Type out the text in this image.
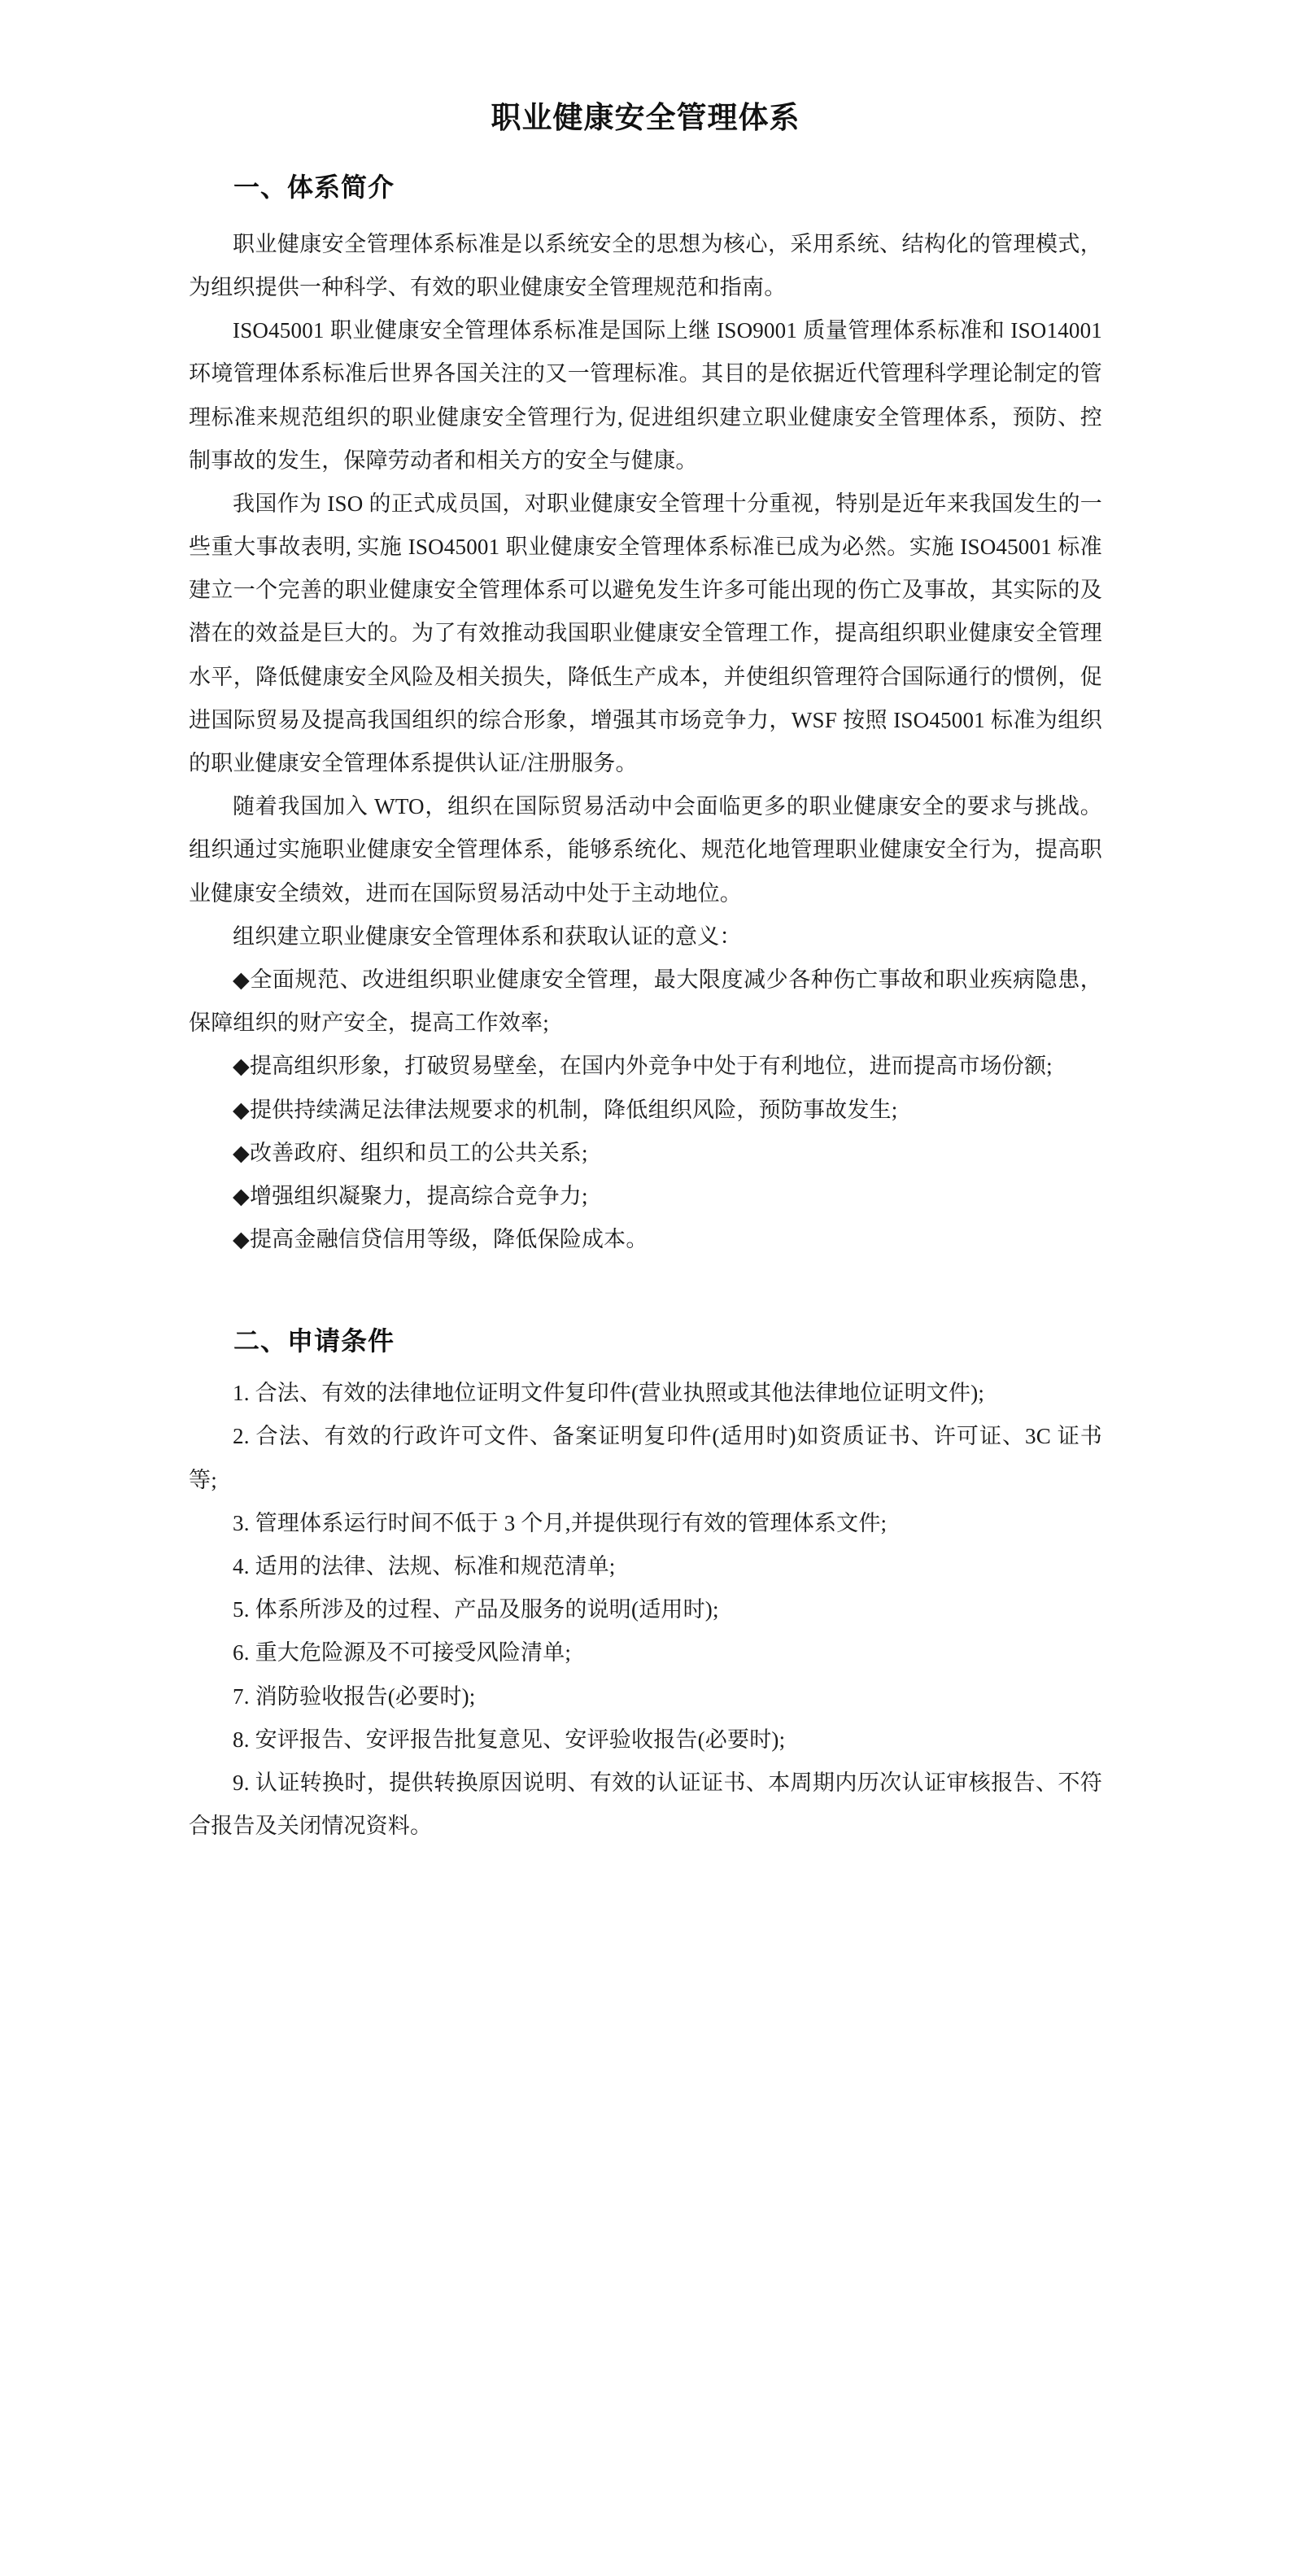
职业健康安全管理体系
一、体系简介

职业健康安全管理体系标准是以系统安全的思想为核心，采用系统、结构化的管理模式，为组织提供一种科学、有效的职业健康安全管理规范和指南。

ISO45001 职业健康安全管理体系标准是国际上继 ISO9001 质量管理体系标准和 ISO14001 环境管理体系标准后世界各国关注的又一管理标准。其目的是依据近代管理科学理论制定的管理标准来规范组织的职业健康安全管理行为, 促进组织建立职业健康安全管理体系，预防、控制事故的发生，保障劳动者和相关方的安全与健康。

我国作为 ISO 的正式成员国，对职业健康安全管理十分重视，特别是近年来我国发生的一些重大事故表明, 实施 ISO45001 职业健康安全管理体系标准已成为必然。实施 ISO45001 标准建立一个完善的职业健康安全管理体系可以避免发生许多可能出现的伤亡及事故，其实际的及潜在的效益是巨大的。为了有效推动我国职业健康安全管理工作，提高组织职业健康安全管理水平，降低健康安全风险及相关损失，降低生产成本，并使组织管理符合国际通行的惯例，促进国际贸易及提高我国组织的综合形象，增强其市场竞争力，WSF 按照 ISO45001 标准为组织的职业健康安全管理体系提供认证/注册服务。

随着我国加入 WTO，组织在国际贸易活动中会面临更多的职业健康安全的要求与挑战。组织通过实施职业健康安全管理体系，能够系统化、规范化地管理职业健康安全行为，提高职业健康安全绩效，进而在国际贸易活动中处于主动地位。

组织建立职业健康安全管理体系和获取认证的意义：

◆全面规范、改进组织职业健康安全管理，最大限度减少各种伤亡事故和职业疾病隐患，保障组织的财产安全，提高工作效率;
◆提高组织形象，打破贸易壁垒，在国内外竞争中处于有利地位，进而提高市场份额;
◆提供持续满足法律法规要求的机制，降低组织风险，预防事故发生;
◆改善政府、组织和员工的公共关系;
◆增强组织凝聚力，提高综合竞争力;
◆提高金融信贷信用等级，降低保险成本。
二、申请条件
1. 合法、有效的法律地位证明文件复印件(营业执照或其他法律地位证明文件);
2. 合法、有效的行政许可文件、备案证明复印件(适用时)如资质证书、许可证、3C 证书等;
3. 管理体系运行时间不低于 3 个月,并提供现行有效的管理体系文件;
4. 适用的法律、法规、标准和规范清单;
5. 体系所涉及的过程、产品及服务的说明(适用时);
6. 重大危险源及不可接受风险清单;
7. 消防验收报告(必要时);
8. 安评报告、安评报告批复意见、安评验收报告(必要时);
9. 认证转换时，提供转换原因说明、有效的认证证书、本周期内历次认证审核报告、不符合报告及关闭情况资料。
